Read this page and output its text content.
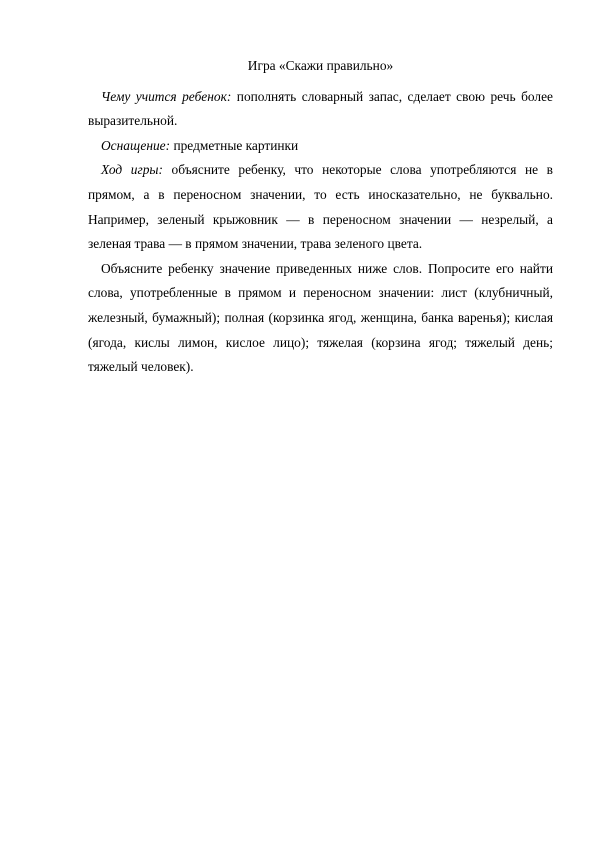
Игра «Скажи правильно»

Чему учится ребенок: пополнять словарный запас, сделает свою речь более выразительной.

Оснащение: предметные картинки

Ход игры: объясните ребенку, что некоторые слова употребляются не в прямом, а в переносном значении, то есть иносказательно, не буквально. Например, зеленый крыжовник — в переносном значении — незрелый, а зеленая трава — в прямом значении, трава зеленого цвета.

Объясните ребенку значение приведенных ниже слов. Попросите его найти слова, употребленные в прямом и переносном значении: лист (клубничный, железный, бумажный); полная (корзинка ягод, женщина, банка варенья); кислая (ягода, кислы лимон, кислое лицо); тяжелая (корзина ягод; тяжелый день; тяжелый человек).
